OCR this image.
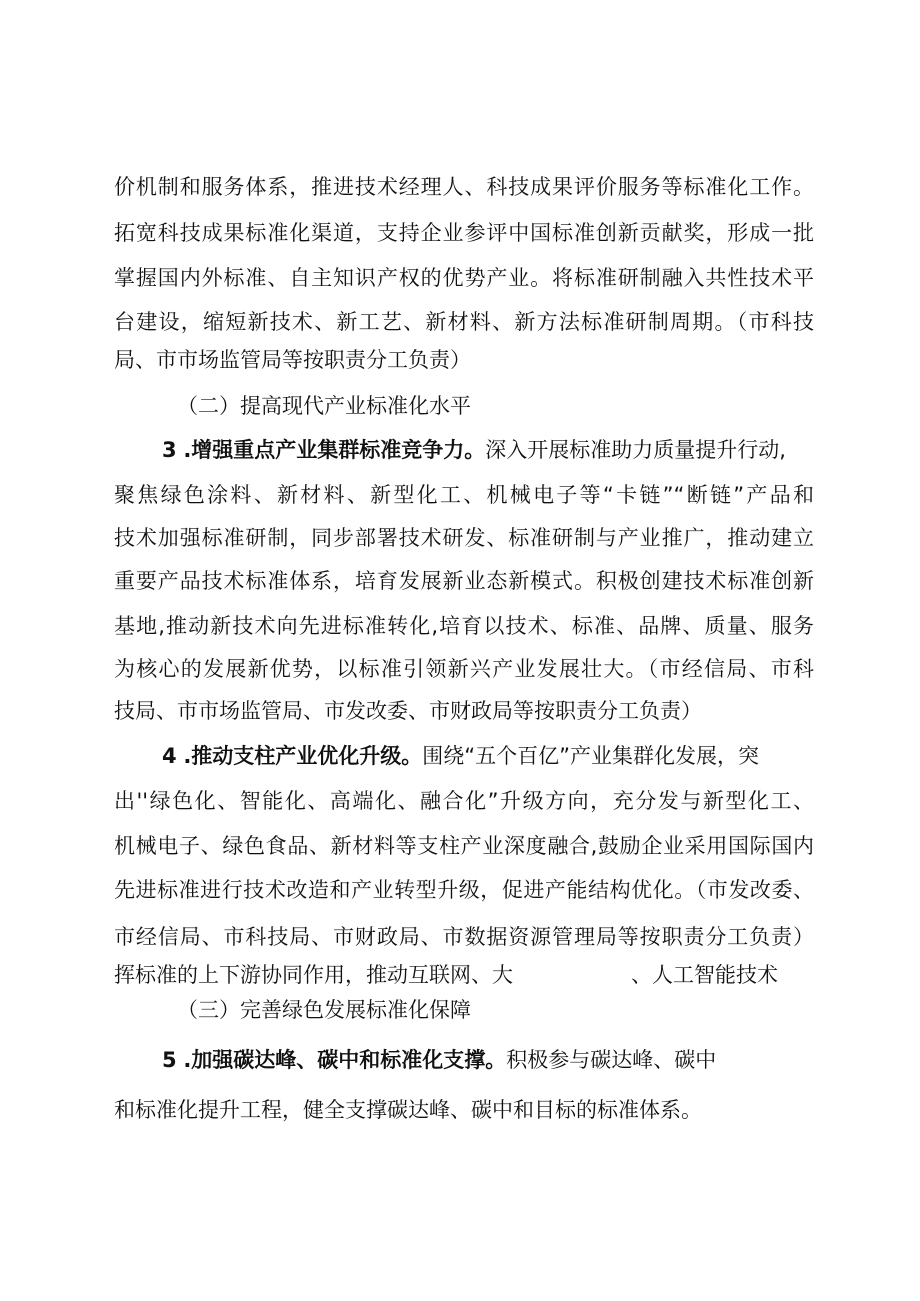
价机制和服务体系，推进技术经理人、科技成果评价服务等标准化工作。
拓宽科技成果标准化渠道，支持企业参评中国标准创新贡献奖，形成一批
掌握国内外标准、自主知识产权的优势产业。将标准研制融入共性技术平
台建设，缩短新技术、新工艺、新材料、新方法标准研制周期。（市科技
局、市市场监管局等按职责分工负责）
（二）提高现代产业标准化水平
3 .增强重点产业集群标准竞争力。深入开展标准助力质量提升行动,
聚焦绿色涂料、新材料、新型化工、机械电子等“卡链”“断链”产品和
技术加强标准研制，同步部署技术研发、标准研制与产业推广，推动建立
重要产品技术标准体系，培育发展新业态新模式。积极创建技术标准创新
基地,推动新技术向先进标准转化,培育以技术、标准、品牌、质量、服务
为核心的发展新优势，以标准引领新兴产业发展壮大。（市经信局、市科
技局、市市场监管局、市发改委、市财政局等按职责分工负责）
4 .推动支柱产业优化升级。围绕“五个百亿”产业集群化发展，突
出''绿色化、智能化、高端化、融合化”升级方向，充分发与新型化工、
机械电子、绿色食品、新材料等支柱产业深度融合,鼓励企业采用国际国内
先进标准进行技术改造和产业转型升级，促进产能结构优化。（市发改委、
市经信局、市科技局、市财政局、市数据资源管理局等按职责分工负责）
挥标准的上下游协同作用，推动互联网、大	、人工智能技术
（三）完善绿色发展标准化保障
5 .加强碳达峰、碳中和标准化支撑。积极参与碳达峰、碳中
和标准化提升工程，健全支撑碳达峰、碳中和目标的标准体系。
